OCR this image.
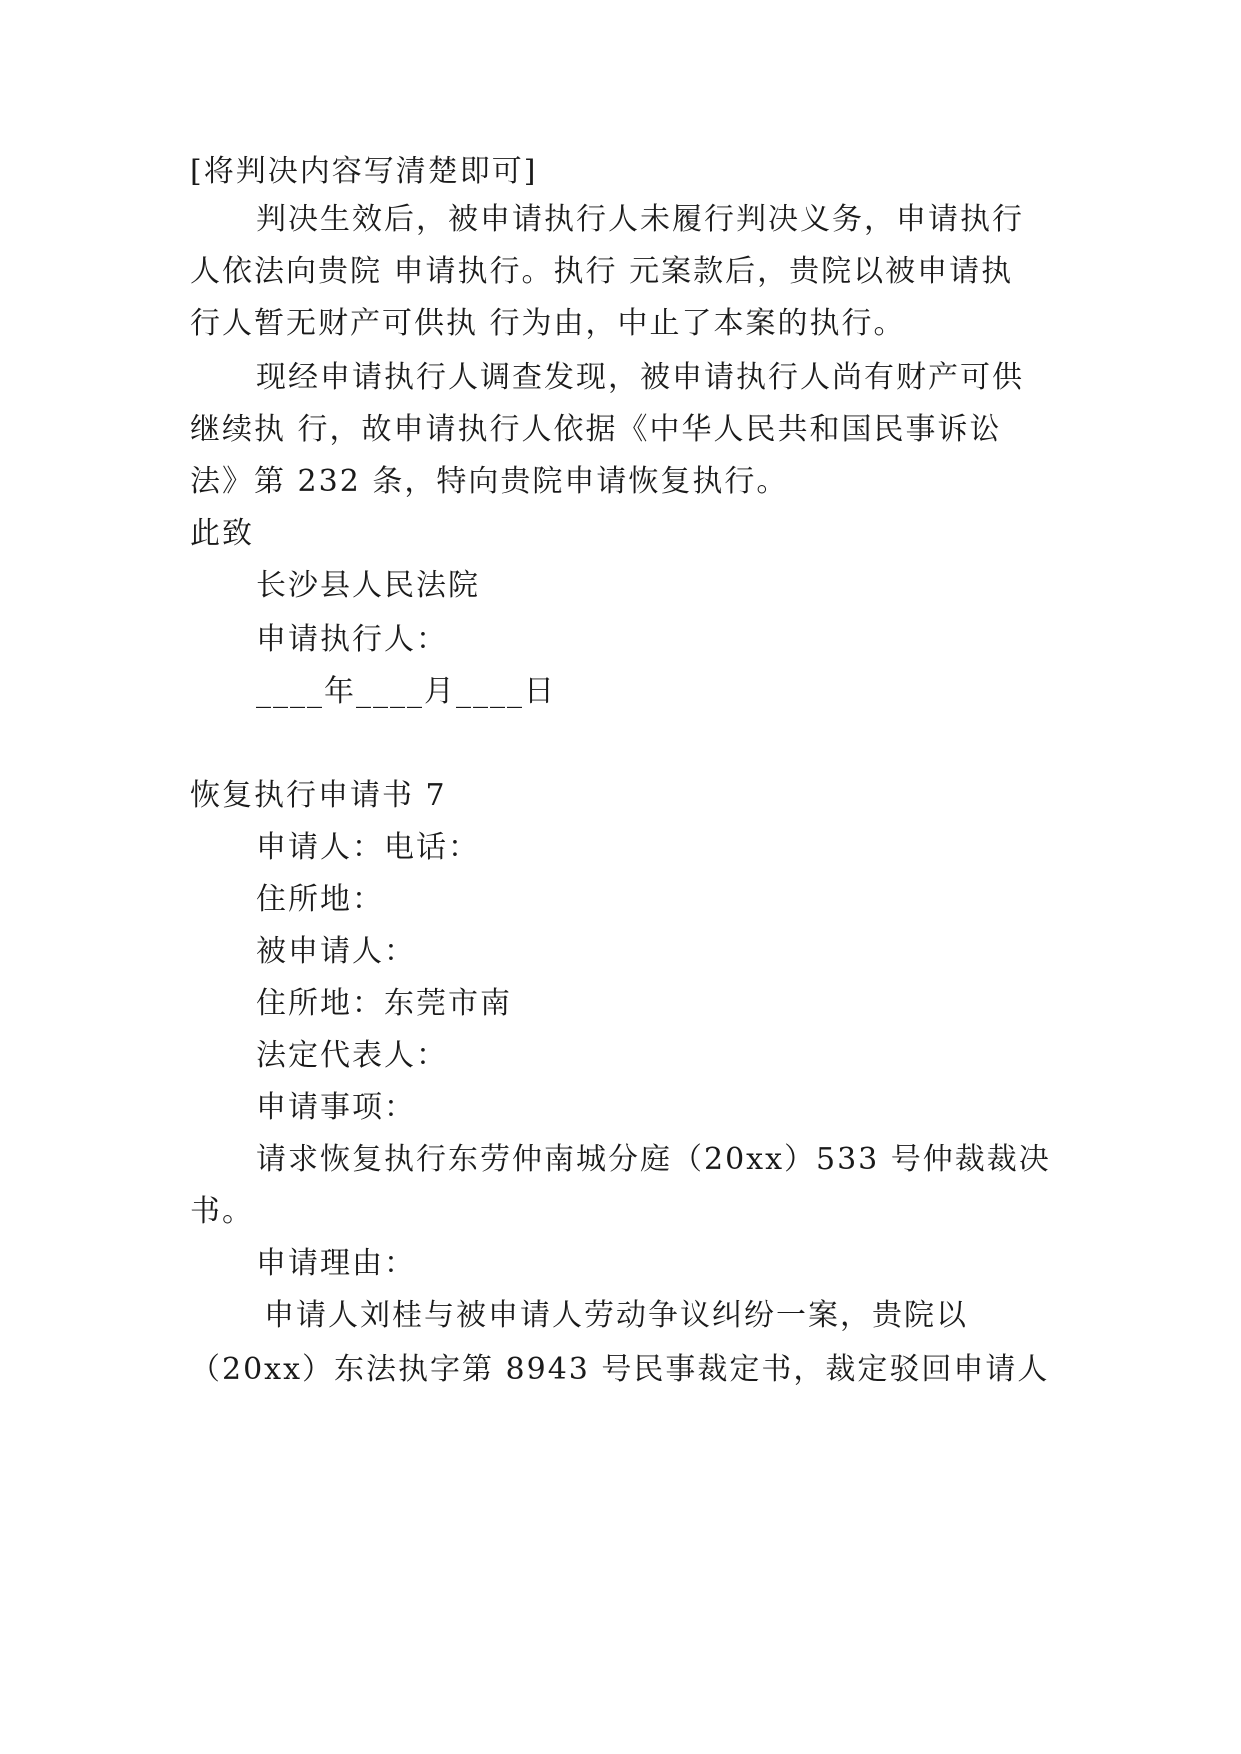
[将判决内容写清楚即可]
判决生效后，被申请执行人未履行判决义务，申请执行
人依法向贵院 申请执行。执行 元案款后，贵院以被申请执
行人暂无财产可供执 行为由，中止了本案的执行。
现经申请执行人调查发现，被申请执行人尚有财产可供
继续执 行，故申请执行人依据《中华人民共和国民事诉讼
法》第 232 条，特向贵院申请恢复执行。
此致
长沙县人民法院
申请执行人：
____年____月____日
恢复执行申请书 7
申请人：电话：
住所地：
被申请人：
住所地：东莞市南
法定代表人：
申请事项：
请求恢复执行东劳仲南城分庭（20xx）533 号仲裁裁决
书。
申请理由：
申请人刘桂与被申请人劳动争议纠纷一案，贵院以
（20xx）东法执字第 8943 号民事裁定书，裁定驳回申请人
